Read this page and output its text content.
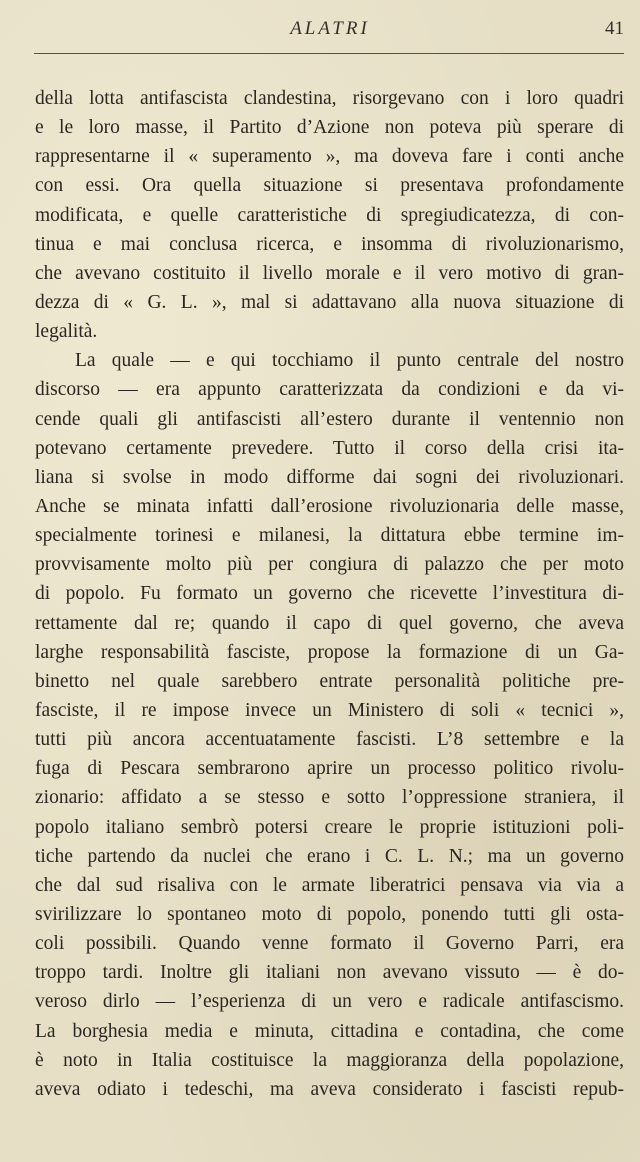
ALATRI	41
della lotta antifascista clandestina, risorgevano con i loro quadri
e le loro masse, il Partito d’Azione non poteva più sperare di
rappresentarne il « superamento », ma doveva fare i conti anche
con essi. Ora quella situazione si presentava profondamente
modificata, e quelle caratteristiche di spregiudicatezza, di con-
tinua e mai conclusa ricerca, e insomma di rivoluzionarismo,
che avevano costituito il livello morale e il vero motivo di gran-
dezza di « G. L. », mal si adattavano alla nuova situazione di
legalità.
La quale — e qui tocchiamo il punto centrale del nostro
discorso — era appunto caratterizzata da condizioni e da vi-
cende quali gli antifascisti all’estero durante il ventennio non
potevano certamente prevedere. Tutto il corso della crisi ita-
liana si svolse in modo difforme dai sogni dei rivoluzionari.
Anche se minata infatti dall’erosione rivoluzionaria delle masse,
specialmente torinesi e milanesi, la dittatura ebbe termine im-
provvisamente molto più per congiura di palazzo che per moto
di popolo. Fu formato un governo che ricevette l’investitura di-
rettamente dal re; quando il capo di quel governo, che aveva
larghe responsabilità fasciste, propose la formazione di un Ga-
binetto nel quale sarebbero entrate personalità politiche pre-
fasciste, il re impose invece un Ministero di soli « tecnici »,
tutti più ancora accentuatamente fascisti. L’8 settembre e la
fuga di Pescara sembrarono aprire un processo politico rivolu-
zionario: affidato a se stesso e sotto l’oppressione straniera, il
popolo italiano sembrò potersi creare le proprie istituzioni poli-
tiche partendo da nuclei che erano i C. L. N.; ma un governo
che dal sud risaliva con le armate liberatrici pensava via via a
svirilizzare lo spontaneo moto di popolo, ponendo tutti gli osta-
coli possibili. Quando venne formato il Governo Parri, era
troppo tardi. Inoltre gli italiani non avevano vissuto — è do-
veroso dirlo — l’esperienza di un vero e radicale antifascismo.
La borghesia media e minuta, cittadina e contadina, che come
è noto in Italia costituisce la maggioranza della popolazione,
aveva odiato i tedeschi, ma aveva considerato i fascisti repub-
